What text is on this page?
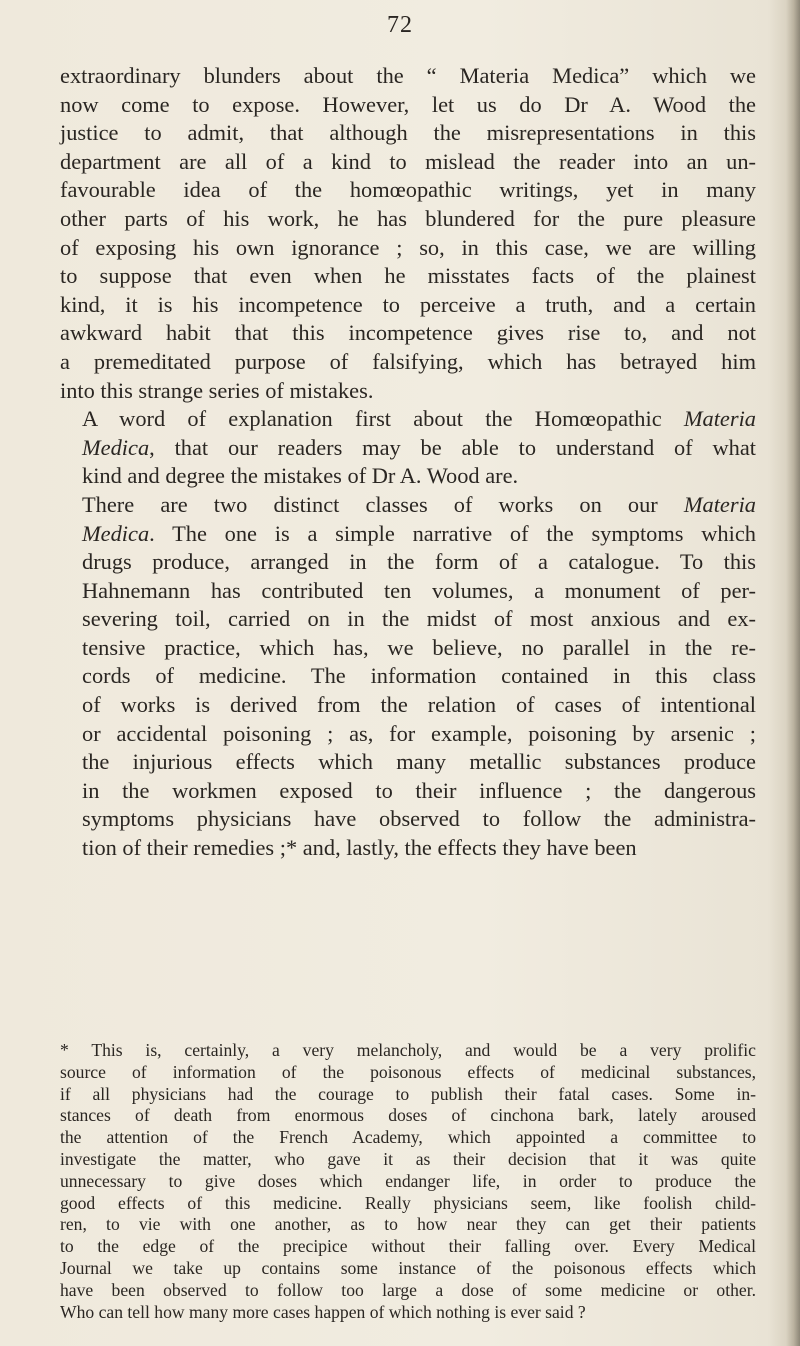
72

extraordinary blunders about the “ Materia Medica” which we
now come to expose. However, let us do Dr A. Wood the
justice to admit, that although the misrepresentations in this
department are all of a kind to mislead the reader into an un-
favourable idea of the homœopathic writings, yet in many
other parts of his work, he has blundered for the pure pleasure
of exposing his own ignorance ; so, in this case, we are willing
to suppose that even when he misstates facts of the plainest
kind, it is his incompetence to perceive a truth, and a certain
awkward habit that this incompetence gives rise to, and not
a premeditated purpose of falsifying, which has betrayed him
into this strange series of mistakes.

A word of explanation first about the Homœopathic Materia
Medica, that our readers may be able to understand of what
kind and degree the mistakes of Dr A. Wood are.

There are two distinct classes of works on our Materia
Medica. The one is a simple narrative of the symptoms which
drugs produce, arranged in the form of a catalogue. To this
Hahnemann has contributed ten volumes, a monument of per-
severing toil, carried on in the midst of most anxious and ex-
tensive practice, which has, we believe, no parallel in the re-
cords of medicine. The information contained in this class
of works is derived from the relation of cases of intentional
or accidental poisoning ; as, for example, poisoning by arsenic ;
the injurious effects which many metallic substances produce
in the workmen exposed to their influence ; the dangerous
symptoms physicians have observed to follow the administra-
tion of their remedies ;* and, lastly, the effects they have been

* This is, certainly, a very melancholy, and would be a very prolific
source of information of the poisonous effects of medicinal substances,
if all physicians had the courage to publish their fatal cases. Some in-
stances of death from enormous doses of cinchona bark, lately aroused
the attention of the French Academy, which appointed a committee to
investigate the matter, who gave it as their decision that it was quite
unnecessary to give doses which endanger life, in order to produce the
good effects of this medicine. Really physicians seem, like foolish child-
ren, to vie with one another, as to how near they can get their patients
to the edge of the precipice without their falling over. Every Medical
Journal we take up contains some instance of the poisonous effects which
have been observed to follow too large a dose of some medicine or other.
Who can tell how many more cases happen of which nothing is ever said ?
